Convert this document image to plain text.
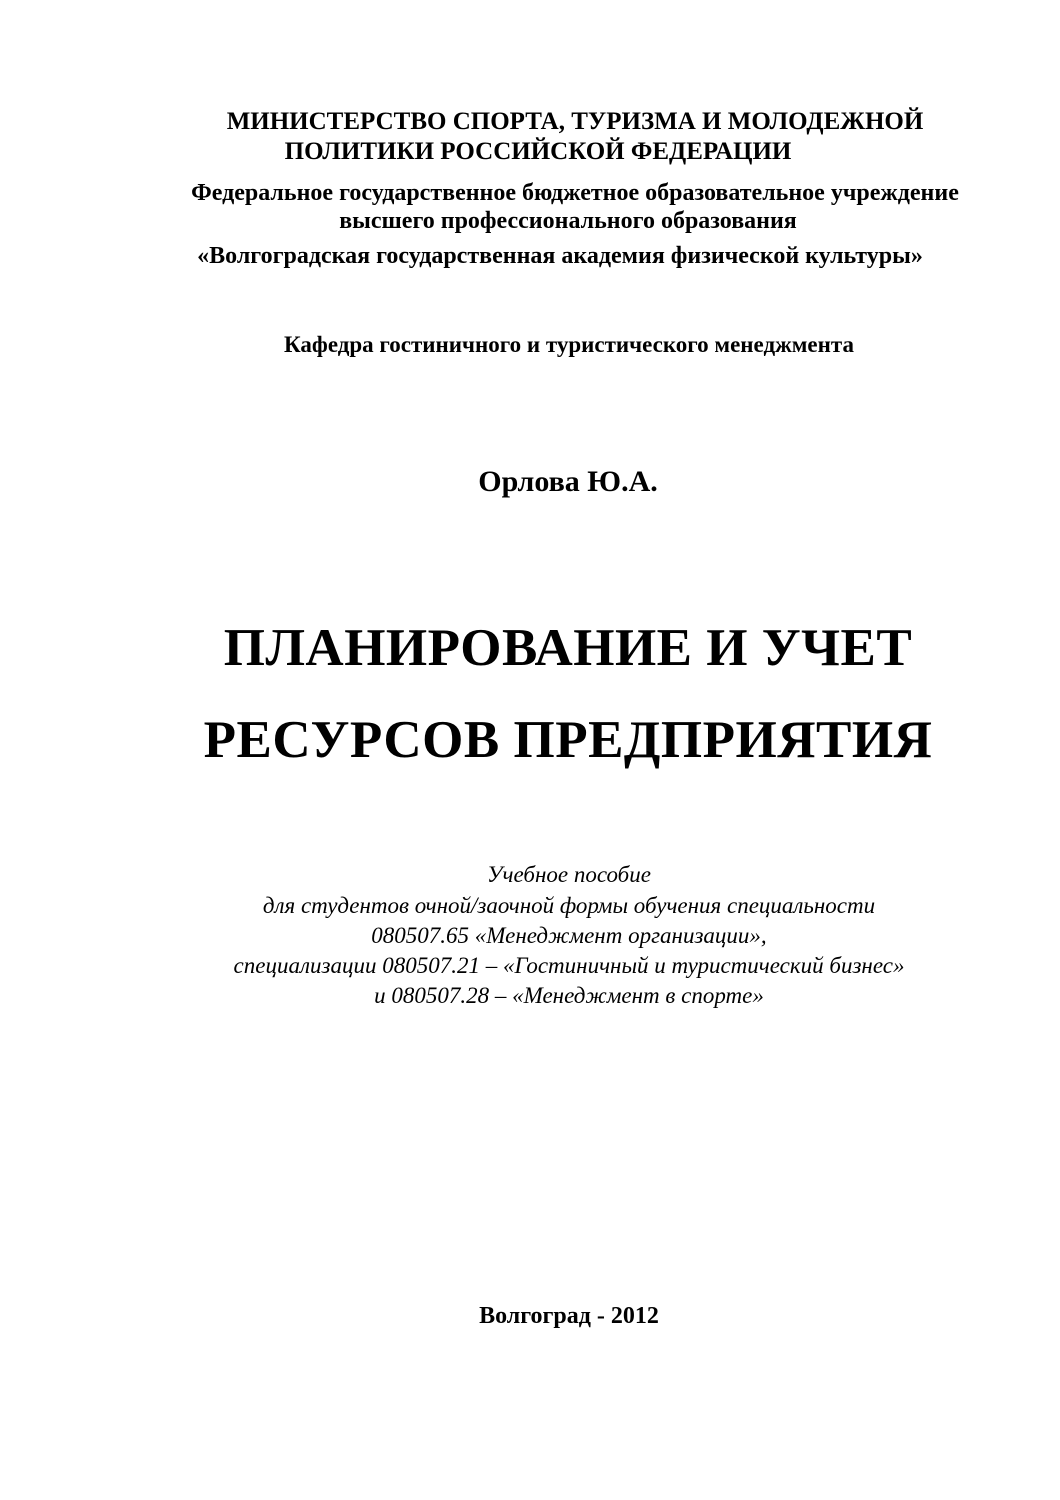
МИНИСТЕРСТВО СПОРТА, ТУРИЗМА И МОЛОДЕЖНОЙ
ПОЛИТИКИ РОССИЙСКОЙ ФЕДЕРАЦИИ
Федеральное государственное бюджетное образовательное учреждение
высшего профессионального образования
«Волгоградская государственная академия физической культуры»
Кафедра гостиничного и туристического менеджмента
Орлова Ю.А.
ПЛАНИРОВАНИЕ И УЧЕТ
РЕСУРСОВ ПРЕДПРИЯТИЯ
Учебное пособие
для студентов очной/заочной формы обучения специальности
080507.65 «Менеджмент организации»,
специализации 080507.21 – «Гостиничный и туристический бизнес»
и 080507.28 – «Менеджмент в спорте»
Волгоград - 2012
